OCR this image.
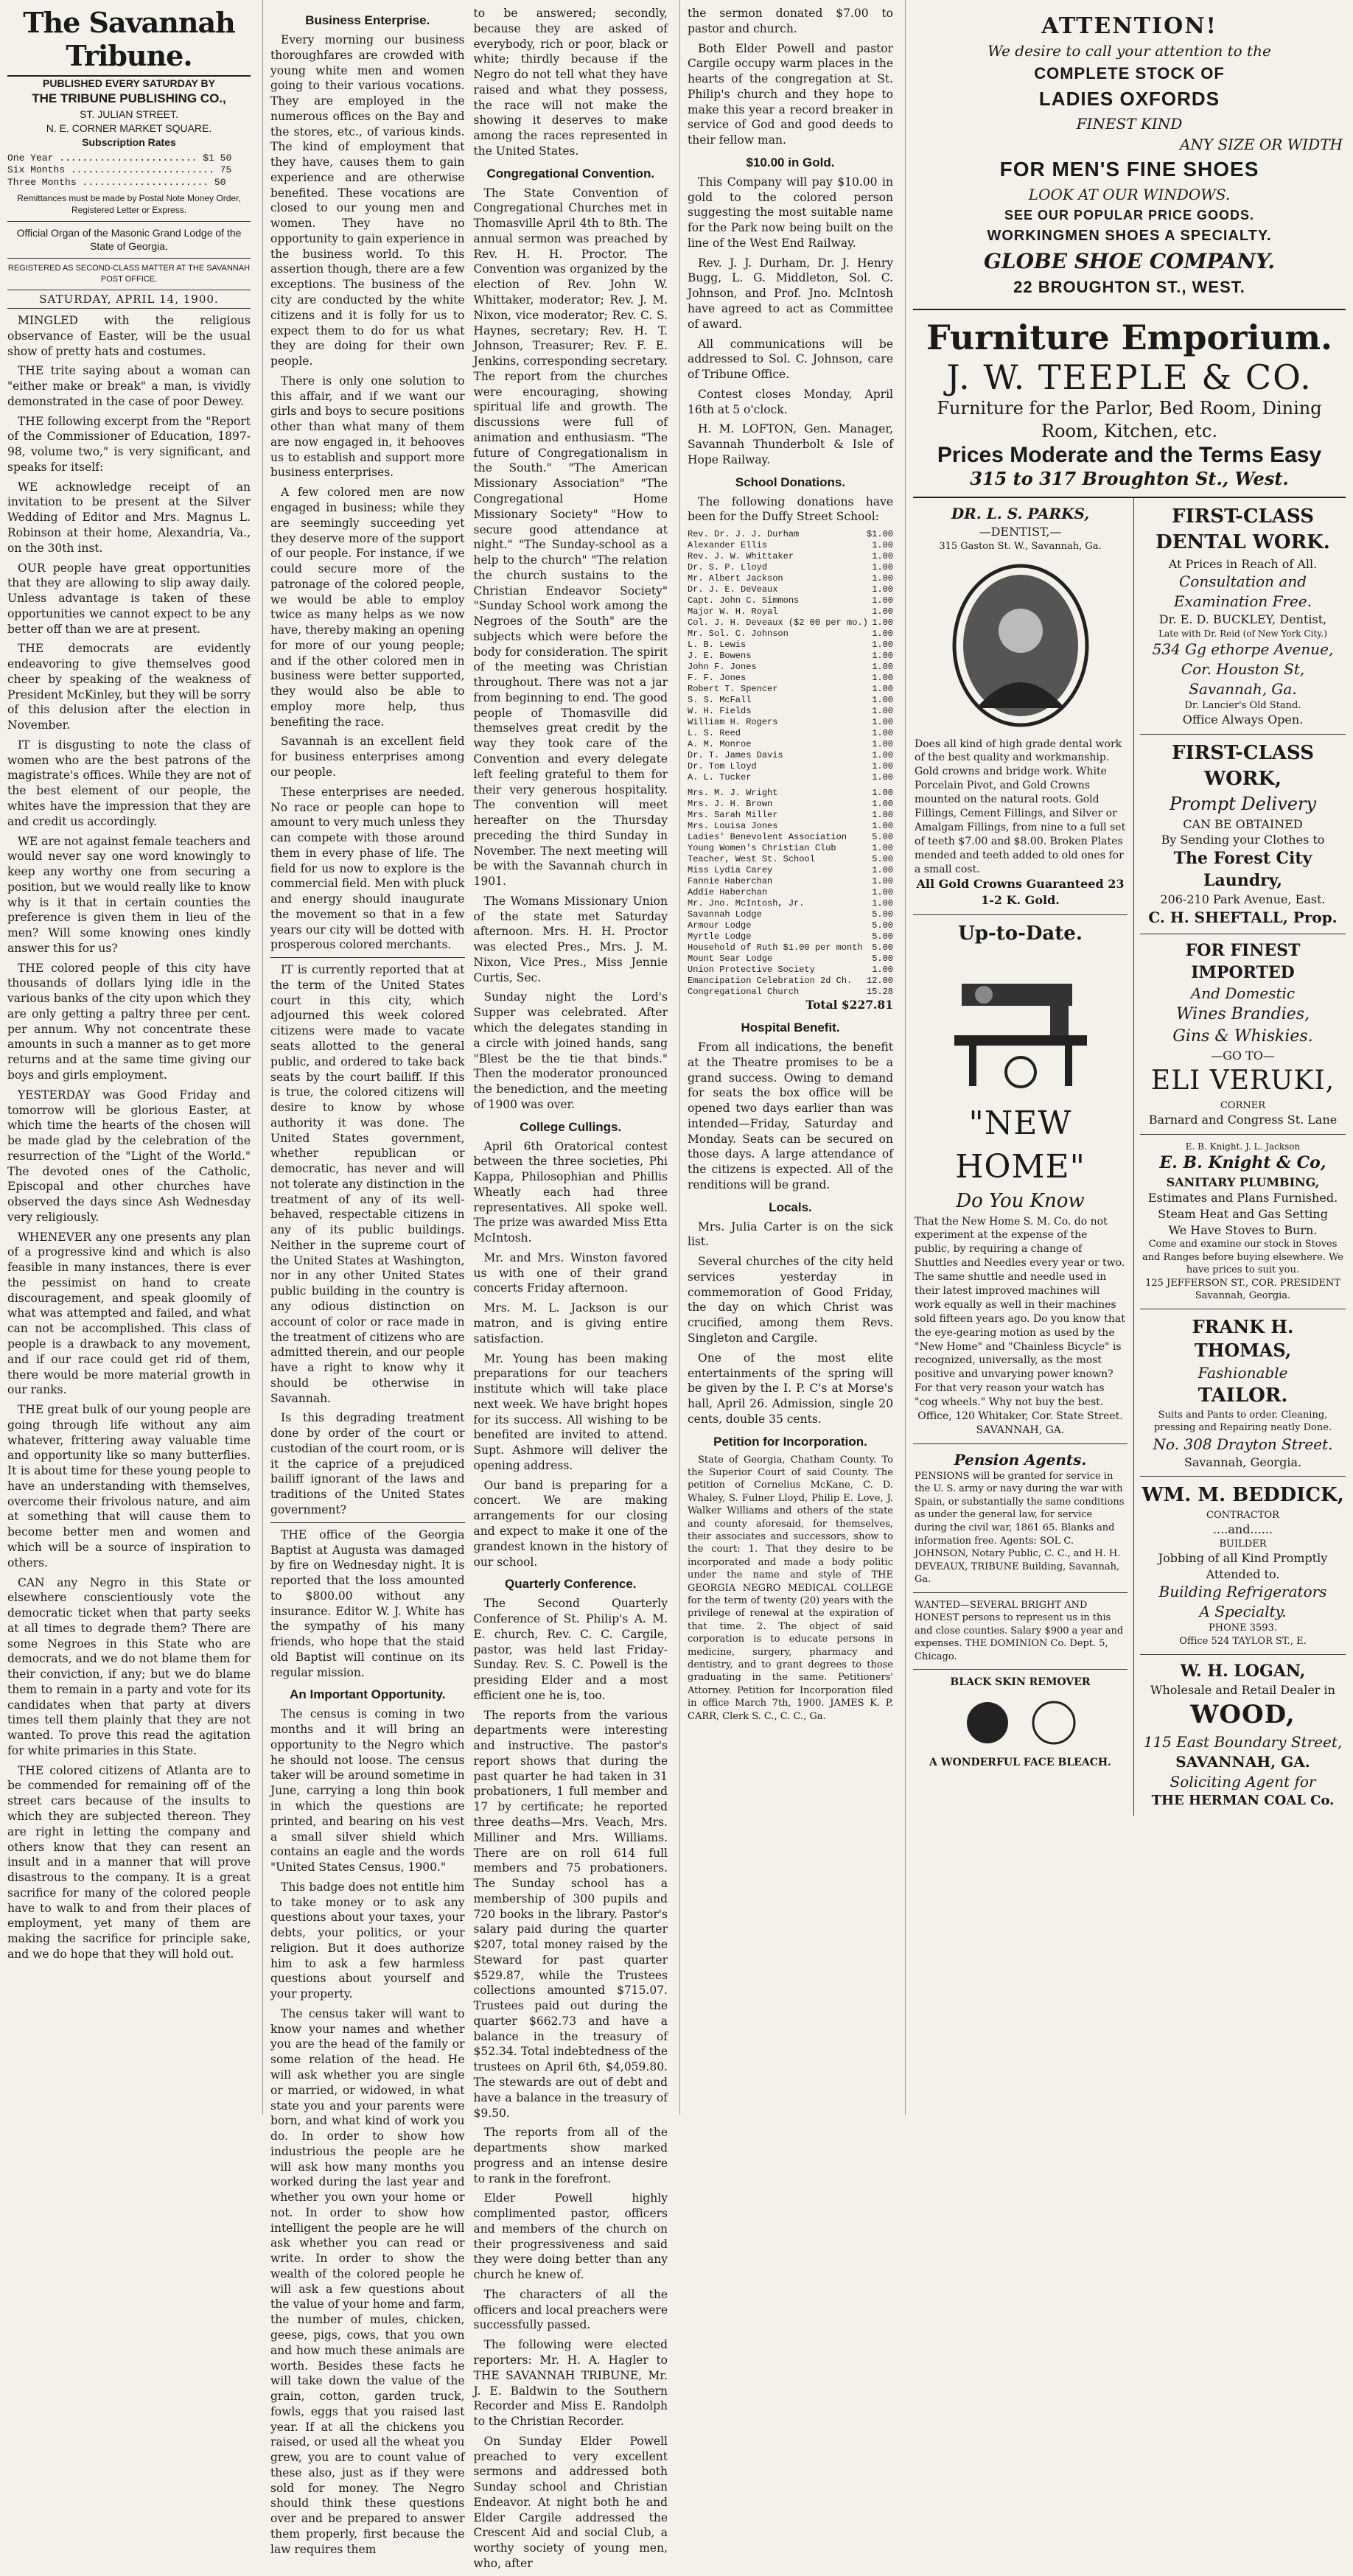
The Savannah Tribune.
PUBLISHED EVERY SATURDAY BY
THE TRIBUNE PUBLISHING CO.,
ST. JULIAN STREET.
N. E. CORNER MARKET SQUARE.
Subscription Rates
One Year ........................ $1 50
Six Months ......................... 75
Three Months ...................... 50
Remittances must be made by Postal Note Money Order, Registered Letter or Express.
Official Organ of the Masonic Grand Lodge of the State of Georgia.
REGISTERED AS SECOND-CLASS MATTER AT THE SAVANNAH POST OFFICE.
SATURDAY, APRIL 14, 1900.
MINGLED with the religious observance of Easter, will be the usual show of pretty hats and costumes.
THE trite saying about a woman can "either make or break" a man, is vividly demonstrated in the case of poor Dewey.
THE following excerpt from the "Report of the Commissioner of Education, 1897-98, volume two," is very significant, and speaks for itself:
WE acknowledge receipt of an invitation to be present at the Silver Wedding of Editor and Mrs. Magnus L. Robinson at their home, Alexandria, Va., on the 30th inst.
OUR people have great opportunities that they are allowing to slip away daily. Unless advantage is taken of these opportunities we cannot expect to be any better off than we are at present.
THE democrats are evidently endeavoring to give themselves good cheer by speaking of the weakness of President McKinley, but they will be sorry of this delusion after the election in November.
IT is disgusting to note the class of women who are the best patrons of the magistrate's offices. While they are not of the best element of our people, the whites have the impression that they are and credit us accordingly.
WE are not against female teachers and would never say one word knowingly to keep any worthy one from securing a position, but we would really like to know why is it that in certain counties the preference is given them in lieu of the men? Will some knowing ones kindly answer this for us?
THE colored people of this city have thousands of dollars lying idle in the various banks of the city upon which they are only getting a paltry three per cent. per annum. Why not concentrate these amounts in such a manner as to get more returns and at the same time giving our boys and girls employment.
YESTERDAY was Good Friday and tomorrow will be glorious Easter, at which time the hearts of the chosen will be made glad by the celebration of the resurrection of the "Light of the World." The devoted ones of the Catholic, Episcopal and other churches have observed the days since Ash Wednesday very religiously.
WHENEVER any one presents any plan of a progressive kind and which is also feasible in many instances, there is ever the pessimist on hand to create discouragement, and speak gloomily of what was attempted and failed, and what can not be accomplished. This class of people is a drawback to any movement, and if our race could get rid of them, there would be more material growth in our ranks.
THE great bulk of our young people are going through life without any aim whatever, frittering away valuable time and opportunity like so many butterflies. It is about time for these young people to have an understanding with themselves, overcome their frivolous nature, and aim at something that will cause them to become better men and women and which will be a source of inspiration to others.
CAN any Negro in this State or elsewhere conscientiously vote the democratic ticket when that party seeks at all times to degrade them? There are some Negroes in this State who are democrats, and we do not blame them for their conviction, if any; but we do blame them to remain in a party and vote for its candidates when that party at divers times tell them plainly that they are not wanted. To prove this read the agitation for white primaries in this State.
THE colored citizens of Atlanta are to be commended for remaining off of the street cars because of the insults to which they are subjected thereon. They are right in letting the company and others know that they can resent an insult and in a manner that will prove disastrous to the company. It is a great sacrifice for many of the colored people have to walk to and from their places of employment, yet many of them are making the sacrifice for principle sake, and we do hope that they will hold out.
Business Enterprise.
Every morning our business thoroughfares are crowded with young white men and women going to their various vocations. They are employed in the numerous offices on the Bay and the stores, etc., of various kinds. The kind of employment that they have, causes them to gain experience and are otherwise benefited. These vocations are closed to our young men and women. They have no opportunity to gain experience in the business world. To this assertion though, there are a few exceptions. The business of the city are conducted by the white citizens and it is folly for us to expect them to do for us what they are doing for their own people.
There is only one solution to this affair, and if we want our girls and boys to secure positions other than what many of them are now engaged in, it behooves us to establish and support more business enterprises.
A few colored men are now engaged in business; while they are seemingly succeeding yet they deserve more of the support of our people. For instance, if we could secure more of the patronage of the colored people, we would be able to employ twice as many helps as we now have, thereby making an opening for more of our young people; and if the other colored men in business were better supported, they would also be able to employ more help, thus benefiting the race.
Savannah is an excellent field for business enterprises among our people.
These enterprises are needed. No race or people can hope to amount to very much unless they can compete with those around them in every phase of life. The field for us now to explore is the commercial field. Men with pluck and energy should inaugurate the movement so that in a few years our city will be dotted with prosperous colored merchants.
IT is currently reported that at the term of the United States court in this city, which adjourned this week colored citizens were made to vacate seats allotted to the general public, and ordered to take back seats by the court bailiff. If this is true, the colored citizens will desire to know by whose authority it was done. The United States government, whether republican or democratic, has never and will not tolerate any distinction in the treatment of any of its well-behaved, respectable citizens in any of its public buildings. Neither in the supreme court of the United States at Washington, nor in any other United States public building in the country is any odious distinction on account of color or race made in the treatment of citizens who are admitted therein, and our people have a right to know why it should be otherwise in Savannah.
Is this degrading treatment done by order of the court or custodian of the court room, or is it the caprice of a prejudiced bailiff ignorant of the laws and traditions of the United States government?
THE office of the Georgia Baptist at Augusta was damaged by fire on Wednesday night. It is reported that the loss amounted to $800.00 without any insurance. Editor W. J. White has the sympathy of his many friends, who hope that the staid old Baptist will continue on its regular mission.
An Important Opportunity.
The census is coming in two months and it will bring an opportunity to the Negro which he should not loose. The census taker will be around sometime in June, carrying a long thin book in which the questions are printed, and bearing on his vest a small silver shield which contains an eagle and the words "United States Census, 1900."
This badge does not entitle him to take money or to ask any questions about your taxes, your debts, your politics, or your religion. But it does authorize him to ask a few harmless questions about yourself and your property.
The census taker will want to know your names and whether you are the head of the family or some relation of the head. He will ask whether you are single or married, or widowed, in what state you and your parents were born, and what kind of work you do. In order to show how industrious the people are he will ask how many months you worked during the last year and whether you own your home or not. In order to show how intelligent the people are he will ask whether you can read or write. In order to show the wealth of the colored people he will ask a few questions about the value of your home and farm, the number of mules, chicken, geese, pigs, cows, that you own and how much these animals are worth. Besides these facts he will take down the value of the grain, cotton, garden truck, fowls, eggs that you raised last year. If at all the chickens you raised, or used all the wheat you grew, you are to count value of these also, just as if they were sold for money. The Negro should think these questions over and be prepared to answer them properly, first because the law requires them
to be answered; secondly, because they are asked of everybody, rich or poor, black or white; thirdly because if the Negro do not tell what they have raised and what they possess, the race will not make the showing it deserves to make among the races represented in the United States.
Congregational Convention.
The State Convention of Congregational Churches met in Thomasville April 4th to 8th. The annual sermon was preached by Rev. H. H. Proctor. The Convention was organized by the election of Rev. John W. Whittaker, moderator; Rev. J. M. Nixon, vice moderator; Rev. C. S. Haynes, secretary; Rev. H. T. Johnson, Treasurer; Rev. F. E. Jenkins, corresponding secretary. The report from the churches were encouraging, showing spiritual life and growth. The discussions were full of animation and enthusiasm. "The future of Congregationalism in the South." "The American Missionary Association" "The Congregational Home Missionary Society" "How to secure good attendance at night." "The Sunday-school as a help to the church" "The relation the church sustains to the Christian Endeavor Society" "Sunday School work among the Negroes of the South" are the subjects which were before the body for consideration. The spirit of the meeting was Christian throughout. There was not a jar from beginning to end. The good people of Thomasville did themselves great credit by the way they took care of the Convention and every delegate left feeling grateful to them for their very generous hospitality. The convention will meet hereafter on the Thursday preceding the third Sunday in November. The next meeting will be with the Savannah church in 1901.
The Womans Missionary Union of the state met Saturday afternoon. Mrs. H. H. Proctor was elected Pres., Mrs. J. M. Nixon, Vice Pres., Miss Jennie Curtis, Sec.
Sunday night the Lord's Supper was celebrated. After which the delegates standing in a circle with joined hands, sang "Blest be the tie that binds." Then the moderator pronounced the benediction, and the meeting of 1900 was over.
College Cullings.
April 6th Oratorical contest between the three societies, Phi Kappa, Philosophian and Phillis Wheatly each had three representatives. All spoke well. The prize was awarded Miss Etta McIntosh.
Mr. and Mrs. Winston favored us with one of their grand concerts Friday afternoon.
Mrs. M. L. Jackson is our matron, and is giving entire satisfaction.
Mr. Young has been making preparations for our teachers institute which will take place next week. We have bright hopes for its success. All wishing to be benefited are invited to attend. Supt. Ashmore will deliver the opening address.
Our band is preparing for a concert. We are making arrangements for our closing and expect to make it one of the grandest known in the history of our school.
Quarterly Conference.
The Second Quarterly Conference of St. Philip's A. M. E. church, Rev. C. C. Cargile, pastor, was held last Friday-Sunday. Rev. S. C. Powell is the presiding Elder and a most efficient one he is, too.
The reports from the various departments were interesting and instructive. The pastor's report shows that during the past quarter he had taken in 31 probationers, 1 full member and 17 by certificate; he reported three deaths—Mrs. Veach, Mrs. Milliner and Mrs. Williams. There are on roll 614 full members and 75 probationers. The Sunday school has a membership of 300 pupils and 720 books in the library. Pastor's salary paid during the quarter $207, total money raised by the Steward for past quarter $529.87, while the Trustees collections amounted $715.07. Trustees paid out during the quarter $662.73 and have a balance in the treasury of $52.34. Total indebtedness of the trustees on April 6th, $4,059.80. The stewards are out of debt and have a balance in the treasury of $9.50.
The reports from all of the departments show marked progress and an intense desire to rank in the forefront.
Elder Powell highly complimented pastor, officers and members of the church on their progressiveness and said they were doing better than any church he knew of.
The characters of all the officers and local preachers were successfully passed.
The following were elected reporters: Mr. H. A. Hagler to THE SAVANNAH TRIBUNE, Mr. J. E. Baldwin to the Southern Recorder and Miss E. Randolph to the Christian Recorder.
On Sunday Elder Powell preached to very excellent sermons and addressed both Sunday school and Christian Endeavor. At night both he and Elder Cargile addressed the Crescent Aid and social Club, a worthy society of young men, who, after
the sermon donated $7.00 to pastor and church.
Both Elder Powell and pastor Cargile occupy warm places in the hearts of the congregation at St. Philip's church and they hope to make this year a record breaker in service of God and good deeds to their fellow man.
$10.00 in Gold.
This Company will pay $10.00 in gold to the colored person suggesting the most suitable name for the Park now being built on the line of the West End Railway.
Rev. J. J. Durham, Dr. J. Henry Bugg, L. G. Middleton, Sol. C. Johnson, and Prof. Jno. McIntosh have agreed to act as Committee of award.
All communications will be addressed to Sol. C. Johnson, care of Tribune Office.
Contest closes Monday, April 16th at 5 o'clock.
H. M. LOFTON, Gen. Manager, Savannah Thunderbolt & Isle of Hope Railway.
School Donations.
The following donations have been for the Duffy Street School:
Rev. Dr. J. J. Durham	$1.00
Alexander Ellis	1.00
Rev. J. W. Whittaker	1.00
Dr. S. P. Lloyd	1.00
Mr. Albert Jackson	1.00
Dr. J. E. DeVeaux	1.00
Capt. John C. Simmons	1.00
Major W. H. Royal	1.00
Col. J. H. Deveaux ($2 00 per mo.) 1.00
Mr. Sol. C. Johnson	1.00
L. B. Lewis	1.00
J. E. Bowens	1.00
John F. Jones	1.00
F. F. Jones	1.00
Robert T. Spencer	1.00
S. S. McFall	1.00
W. H. Fields	1.00
William H. Rogers	1.00
L. S. Reed	1.00
A. M. Monroe	1.00
Dr. T. James Davis	1.00
Dr. Tom Lloyd	1.00
A. L. Tucker	1.00
Mrs. M. J. Wright	1.00
Mrs. J. H. Brown	1.00
Mrs. Sarah Miller	1.00
Mrs. Louisa Jones	1.00
Ladies' Benevolent Association	5.00
Young Women's Christian Club	1.00
Teacher, West St. School	5.00
Miss Lydia Carey	1.00
Fannie Haberchan	1.00
Addie Haberchan	1.00
Mr. Jno. McIntosh, Jr.	1.00
Savannah Lodge	5.00
Armour Lodge	5.00
Myrtle Lodge	5.00
Household of Ruth $1.00 per month 5.00
Mount Sear Lodge	5.00
Union Protective Society	1.00
Emancipation Celebration 2d Ch. 12.00
Congregational Church	15.28
Total $227.81
Hospital Benefit.
From all indications, the benefit at the Theatre promises to be a grand success. Owing to demand for seats the box office will be opened two days earlier than was intended—Friday, Saturday and Monday. Seats can be secured on those days. A large attendance of the citizens is expected. All of the renditions will be grand.
Locals.
Mrs. Julia Carter is on the sick list.
Several churches of the city held services yesterday in commemoration of Good Friday, the day on which Christ was crucified, among them Revs. Singleton and Cargile.
One of the most elite entertainments of the spring will be given by the I. P. C's at Morse's hall, April 26. Admission, single 20 cents, double 35 cents.
Petition for Incorporation.
State of Georgia, Chatham County. To the Superior Court of said County. The petition of Cornelius McKane, C. D. Whaley, S. Fulner Lloyd, Philip E. Love, J. Walker Williams and others of the state and county aforesaid, for themselves, their associates and successors, show to the court: 1. That they desire to be incorporated and made a body politic under the name and style of THE GEORGIA NEGRO MEDICAL COLLEGE for the term of twenty (20) years with the privilege of renewal at the expiration of that time. 2. The object of said corporation is to educate persons in medicine, surgery, pharmacy and dentistry, and to grant degrees to those graduating in the same. Petitioners' Attorney. Petition for Incorporation filed in office March 7th, 1900. JAMES K. P. CARR, Clerk S. C., C. C., Ga.
ATTENTION!
We desire to call your attention to the
COMPLETE STOCK OF
LADIES OXFORDS
FINEST KIND
ANY SIZE OR WIDTH
FOR MEN'S FINE SHOES
LOOK AT OUR WINDOWS.
SEE OUR POPULAR PRICE GOODS.
WORKINGMEN SHOES A SPECIALTY.
GLOBE SHOE COMPANY.
22 BROUGHTON ST., WEST.
Furniture Emporium.
J. W. TEEPLE & CO.
Furniture for the Parlor, Bed Room, Dining Room, Kitchen, etc.
Prices Moderate and the Terms Easy
315 to 317 Broughton St., West.
DR. L. S. PARKS,
—DENTIST,—
315 Gaston St. W., Savannah, Ga.
Does all kind of high grade dental work of the best quality and workmanship. Gold crowns and bridge work. White Porcelain Pivot, and Gold Crowns mounted on the natural roots. Gold Fillings, Cement Fillings, and Silver or Amalgam Fillings, from nine to a full set of teeth $7.00 and $8.00. Broken Plates mended and teeth added to old ones for a small cost.
All Gold Crowns Guaranteed 23 1-2 K. Gold.
Up-to-Date.
"NEW HOME"
Do You Know
That the New Home S. M. Co. do not experiment at the expense of the public, by requiring a change of Shuttles and Needles every year or two. The same shuttle and needle used in their latest improved machines will work equally as well in their machines sold fifteen years ago. Do you know that the eye-gearing motion as used by the "New Home" and "Chainless Bicycle" is recognized, universally, as the most positive and unvarying power known? For that very reason your watch has "cog wheels." Why not buy the best.
Office, 120 Whitaker, Cor. State Street. SAVANNAH, GA.
Pension Agents.
PENSIONS will be granted for service in the U. S. army or navy during the war with Spain, or substantially the same conditions as under the general law, for service during the civil war, 1861 65. Blanks and information free. Agents: SOL C. JOHNSON, Notary Public, C. C., and H. H. DEVEAUX, TRIBUNE Building, Savannah, Ga.
WANTED—SEVERAL BRIGHT AND HONEST persons to represent us in this and close counties. Salary $900 a year and expenses. THE DOMINION Co. Dept. 5, Chicago.
BLACK SKIN REMOVER
A WONDERFUL FACE BLEACH.
FIRST-CLASS DENTAL WORK.
At Prices in Reach of All.
Consultation and Examination Free.
Dr. E. D. BUCKLEY, Dentist,
Late with Dr. Reid (of New York City.)
534 Gg ethorpe Avenue, Cor. Houston St, Savannah, Ga.
Dr. Lancier's Old Stand.
Office Always Open.
FIRST-CLASS WORK,
Prompt Delivery
CAN BE OBTAINED
By Sending your Clothes to
The Forest City Laundry,
206-210 Park Avenue, East.
C. H. SHEFTALL, Prop.
FOR FINEST IMPORTED
And Domestic
Wines Brandies,
Gins & Whiskies.
—GO TO—
ELI VERUKI,
CORNER
Barnard and Congress St. Lane
E. B. Knight. J. L. Jackson
E. B. Knight & Co,
SANITARY PLUMBING,
Estimates and Plans Furnished.
Steam Heat and Gas Setting
We Have Stoves to Burn.
Come and examine our stock in Stoves and Ranges before buying elsewhere. We have prices to suit you.
125 JEFFERSON ST., COR. PRESIDENT Savannah, Georgia.
FRANK H. THOMAS,
Fashionable
TAILOR.
Suits and Pants to order. Cleaning, pressing and Repairing neatly Done.
No. 308 Drayton Street.
Savannah, Georgia.
WM. M. BEDDICK,
CONTRACTOR
....and......
BUILDER
Jobbing of all Kind Promptly Attended to.
Building Refrigerators
A Specialty.
PHONE 3593.
Office 524 TAYLOR ST., E.
W. H. LOGAN,
Wholesale and Retail Dealer in
WOOD,
115 East Boundary Street,
SAVANNAH, GA.
Soliciting Agent for
THE HERMAN COAL Co.
